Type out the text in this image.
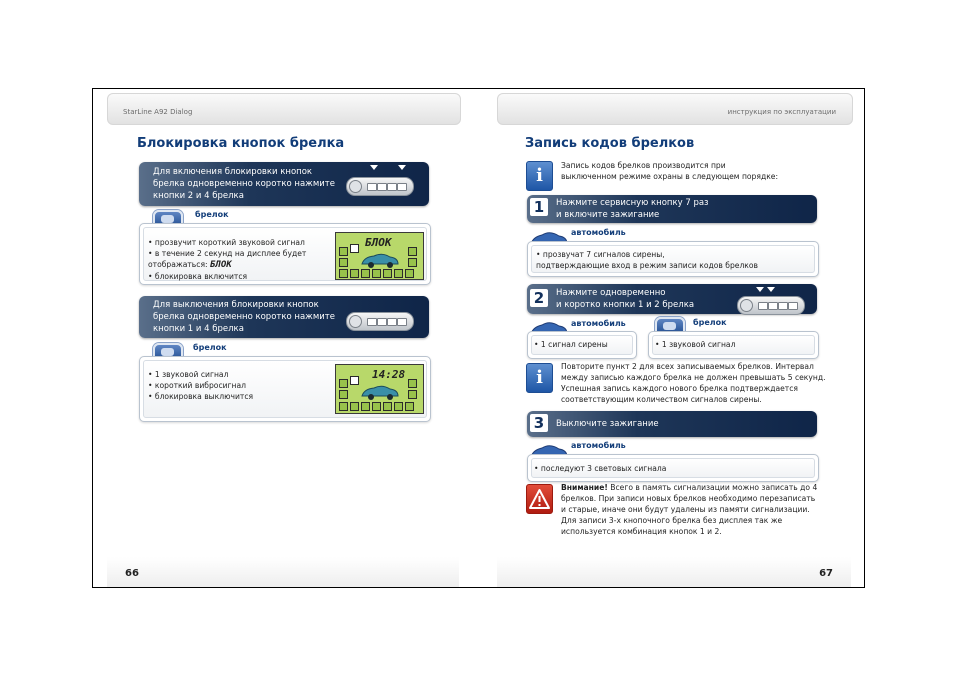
StarLine A92 Dialog
Блокировка кнопок брелка
Для включения блокировки кнопок
брелка одновременно коротко нажмите
кнопки 2 и 4 брелка
брелок
• прозвучит короткий звуковой сигнал
• в течение 2 секунд на дисплее будет
отображаться: БЛОК
• блокировка включится
БЛОК
Для выключения блокировки кнопок
брелка одновременно коротко нажмите
кнопки 1 и 4 брелка
брелок
• 1 звуковой сигнал
• короткий вибросигнал
• блокировка выключится
14:28
66
инструкция по эксплуатации
Запись кодов брелков
i	Запись кодов брелков производится при
выключенном режиме охраны в следующем порядке:
1	Нажмите сервисную кнопку 7 раз
и включите зажигание
автомобиль
• прозвучат 7 сигналов сирены,
подтверждающие вход в режим записи кодов брелков
2	Нажмите одновременно
и коротко кнопки 1 и 2 брелка
автомобиль
• 1 сигнал сирены
брелок
• 1 звуковой сигнал
i
Повторите пункт 2 для всех записываемых брелков. Интервал
между записью каждого брелка не должен превышать 5 секунд.
Успешная запись каждого нового брелка подтверждается
соответствующим количеством сигналов сирены.
3	Выключите зажигание
автомобиль
• последуют 3 световых сигнала
Внимание! Всего в память сигнализации можно записать до 4
брелков. При записи новых брелков необходимо перезаписать
и старые, иначе они будут удалены из памяти сигнализации.
Для записи 3-х кнопочного брелка без дисплея так же
используется комбинация кнопок 1 и 2.
67
